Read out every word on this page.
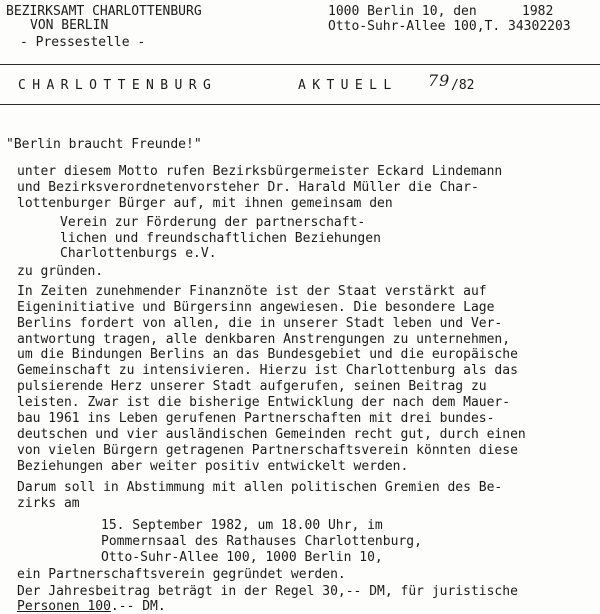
BEZIRKSAMT CHARLOTTENBURG
VON BERLIN
- Pressestelle -
1000 Berlin 10, den	1982
Otto-Suhr-Allee 100,T. 34302203
CHARLOTTENBURG	AKTUELL 79 /82
"Berlin braucht Freunde!"
unter diesem Motto rufen Bezirksbürgermeister Eckard Lindemann
und Bezirksverordnetenvorsteher Dr. Harald Müller die Char-
lottenburger Bürger auf, mit ihnen gemeinsam den
Verein zur Förderung der partnerschaft-
lichen und freundschaftlichen Beziehungen
Charlottenburgs e.V.
zu gründen.
In Zeiten zunehmender Finanznöte ist der Staat verstärkt auf
Eigeninitiative und Bürgersinn angewiesen. Die besondere Lage
Berlins fordert von allen, die in unserer Stadt leben und Ver-
antwortung tragen, alle denkbaren Anstrengungen zu unternehmen,
um die Bindungen Berlins an das Bundesgebiet und die europäische
Gemeinschaft zu intensivieren. Hierzu ist Charlottenburg als das
pulsierende Herz unserer Stadt aufgerufen, seinen Beitrag zu
leisten. Zwar ist die bisherige Entwicklung der nach dem Mauer-
bau 1961 ins Leben gerufenen Partnerschaften mit drei bundes-
deutschen und vier ausländischen Gemeinden recht gut, durch einen
von vielen Bürgern getragenen Partnerschaftsverein könnten diese
Beziehungen aber weiter positiv entwickelt werden.
Darum soll in Abstimmung mit allen politischen Gremien des Be-
zirks am
15. September 1982, um 18.00 Uhr, im
Pommernsaal des Rathauses Charlottenburg,
Otto-Suhr-Allee 100, 1000 Berlin 10,
ein Partnerschaftsverein gegründet werden.
Der Jahresbeitrag beträgt in der Regel 30,-- DM, für juristische
Personen 100.-- DM.
